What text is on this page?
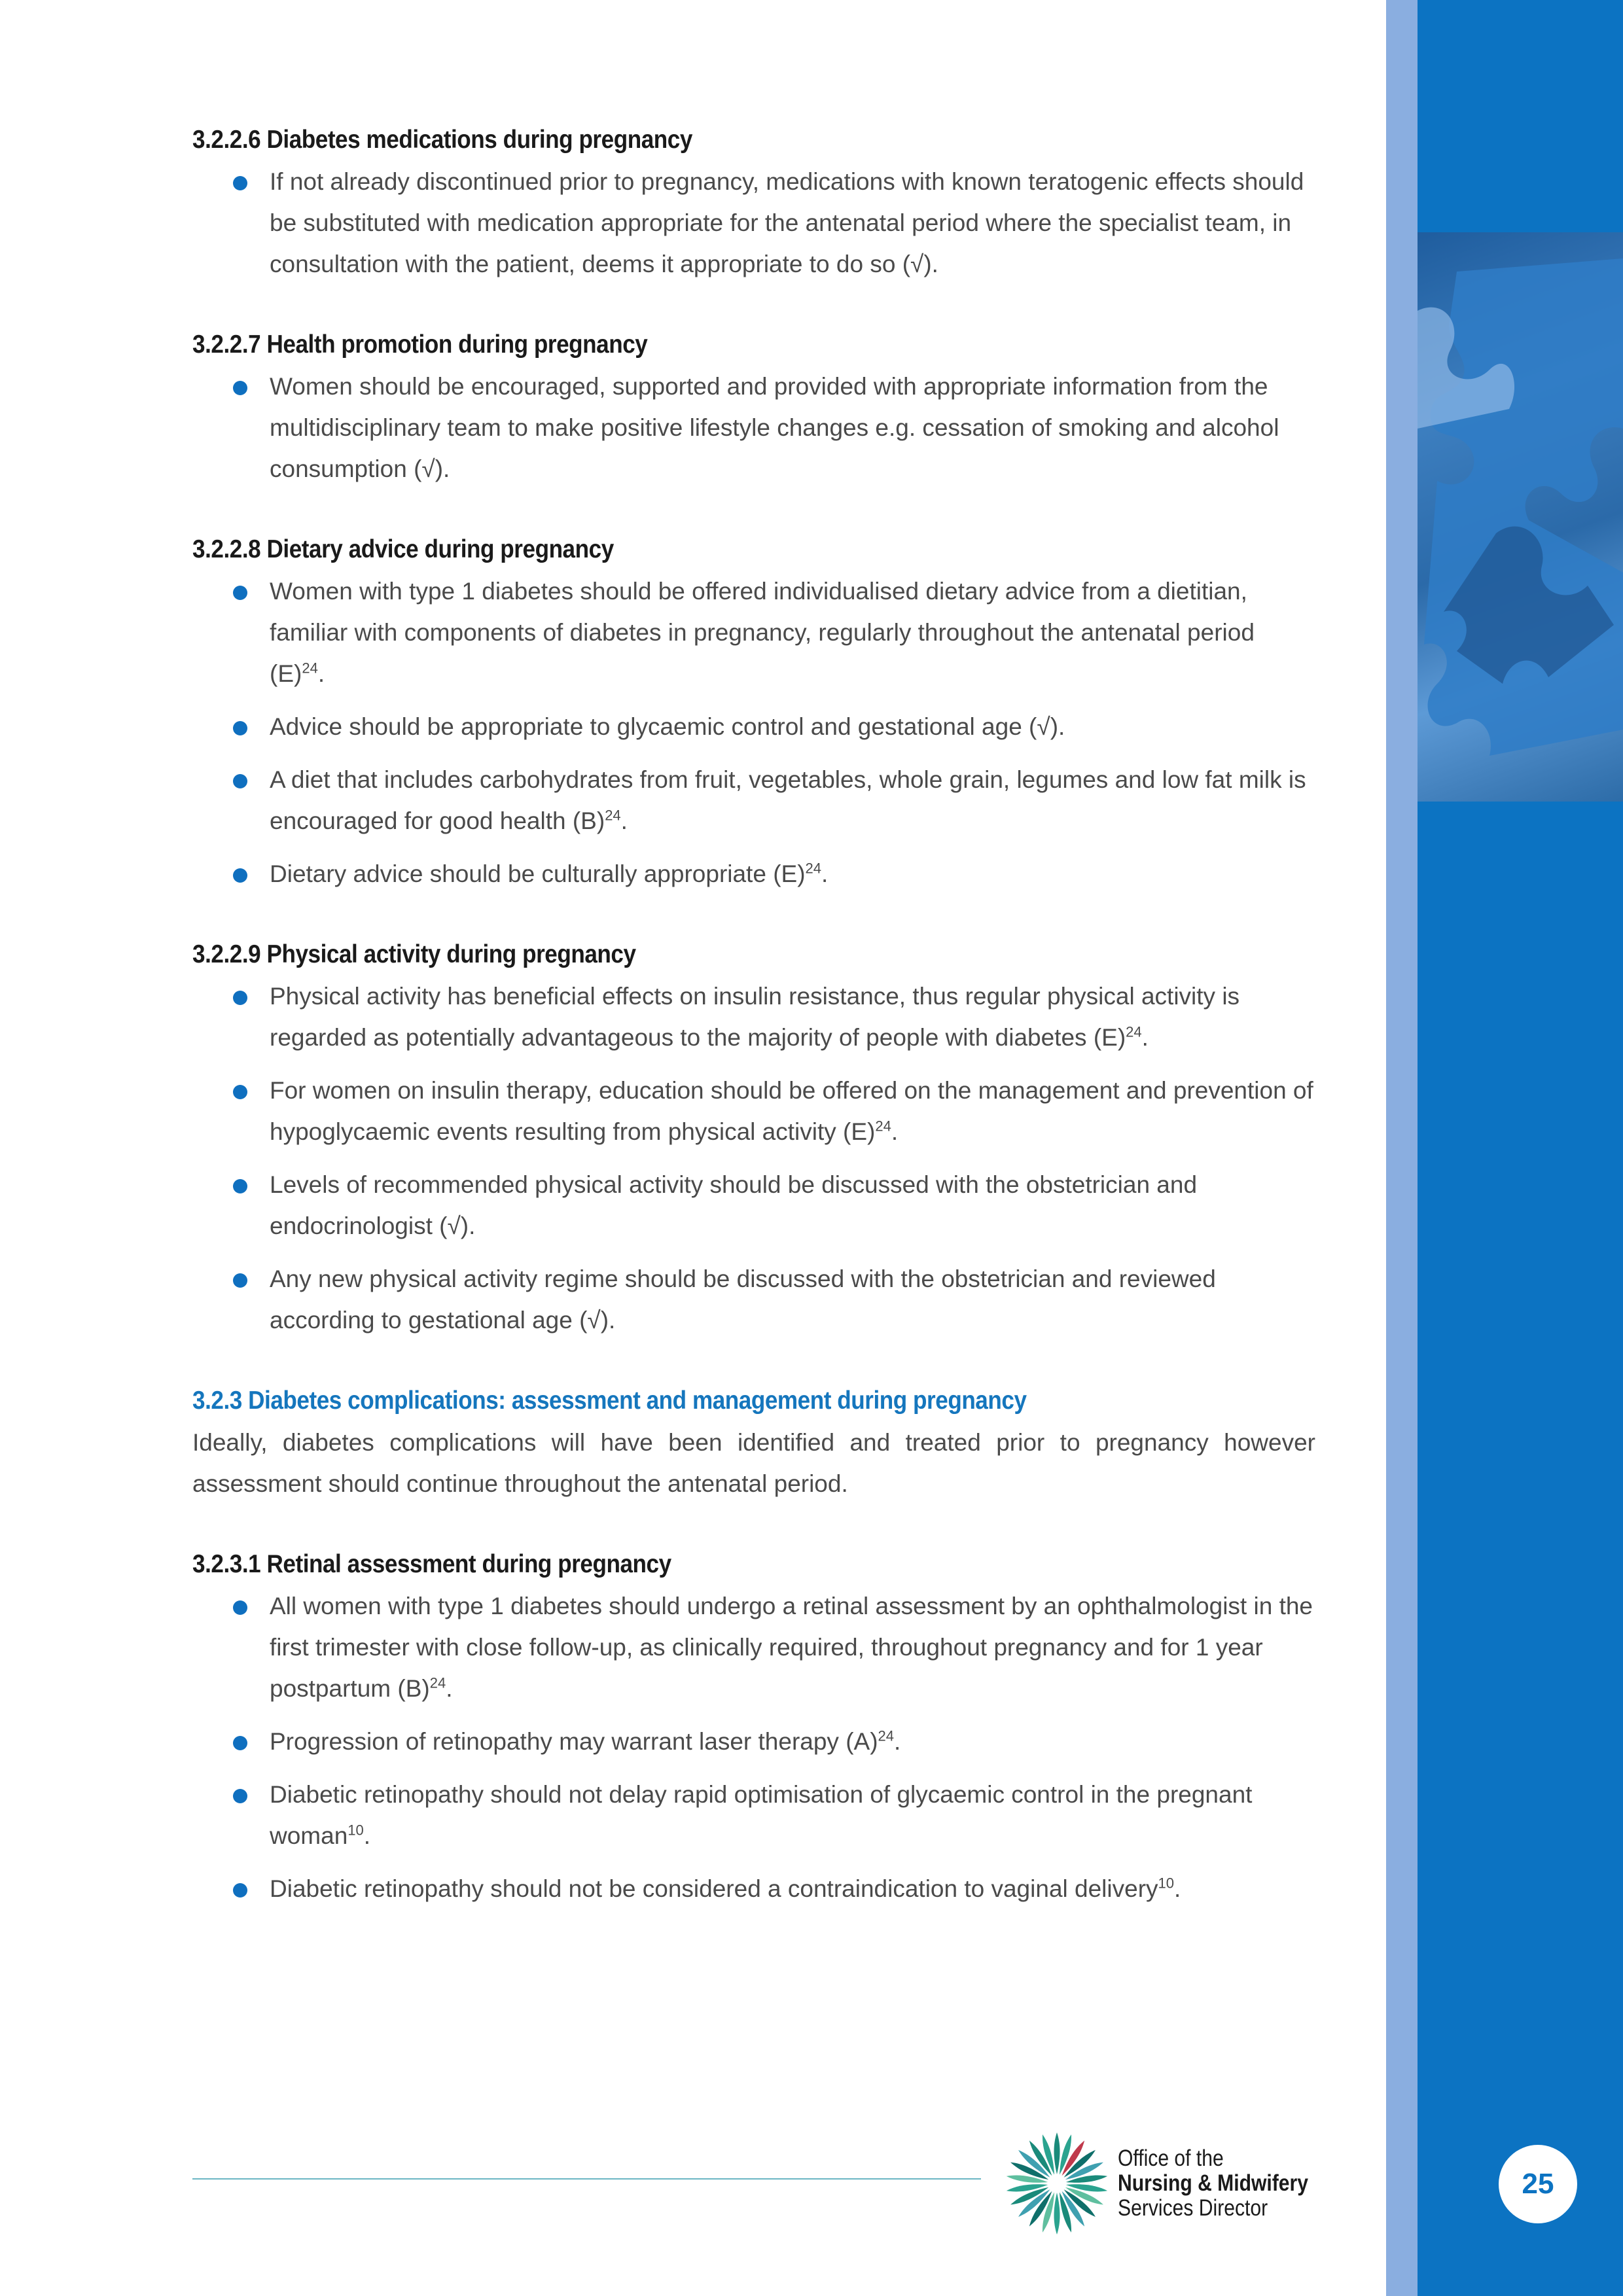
3.2.2.6 Diabetes medications during pregnancy
If not already discontinued prior to pregnancy, medications with known teratogenic effects should be substituted with medication appropriate for the antenatal period where the specialist team, in consultation with the patient, deems it appropriate to do so (√).
3.2.2.7 Health promotion during pregnancy
Women should be encouraged, supported and provided with appropriate information from the multidisciplinary team to make positive lifestyle changes e.g. cessation of smoking and alcohol consumption (√).
3.2.2.8 Dietary advice during pregnancy
Women with type 1 diabetes should be offered individualised dietary advice from a dietitian, familiar with components of diabetes in pregnancy, regularly throughout the antenatal period $(E)^{24}$.
Advice should be appropriate to glycaemic control and gestational age (√).
A diet that includes carbohydrates from fruit, vegetables, whole grain, legumes and low fat milk is encouraged for good health $(B)^{24}$.
Dietary advice should be culturally appropriate $(E)^{24}$.
3.2.2.9 Physical activity during pregnancy
Physical activity has beneficial effects on insulin resistance, thus regular physical activity is regarded as potentially advantageous to the majority of people with diabetes $(E)^{24}$.
For women on insulin therapy, education should be offered on the management and prevention of hypoglycaemic events resulting from physical activity $(E)^{24}$.
Levels of recommended physical activity should be discussed with the obstetrician and endocrinologist (√).
Any new physical activity regime should be discussed with the obstetrician and reviewed according to gestational age (√).
3.2.3 Diabetes complications: assessment and management during pregnancy

Ideally, diabetes complications will have been identified and treated prior to pregnancy however assessment should continue throughout the antenatal period.

3.2.3.1 Retinal assessment during pregnancy
All women with type 1 diabetes should undergo a retinal assessment by an ophthalmologist in the first trimester with close follow-up, as clinically required, throughout pregnancy and for 1 year postpartum $(B)^{24}$.
Progression of retinopathy may warrant laser therapy $(A)^{24}$.
Diabetic retinopathy should not delay rapid optimisation of glycaemic control in the pregnant woman$^{10}$.
Diabetic retinopathy should not be considered a contraindication to vaginal delivery$^{10}$.
Office of the
Nursing & Midwifery
Services Director
25
